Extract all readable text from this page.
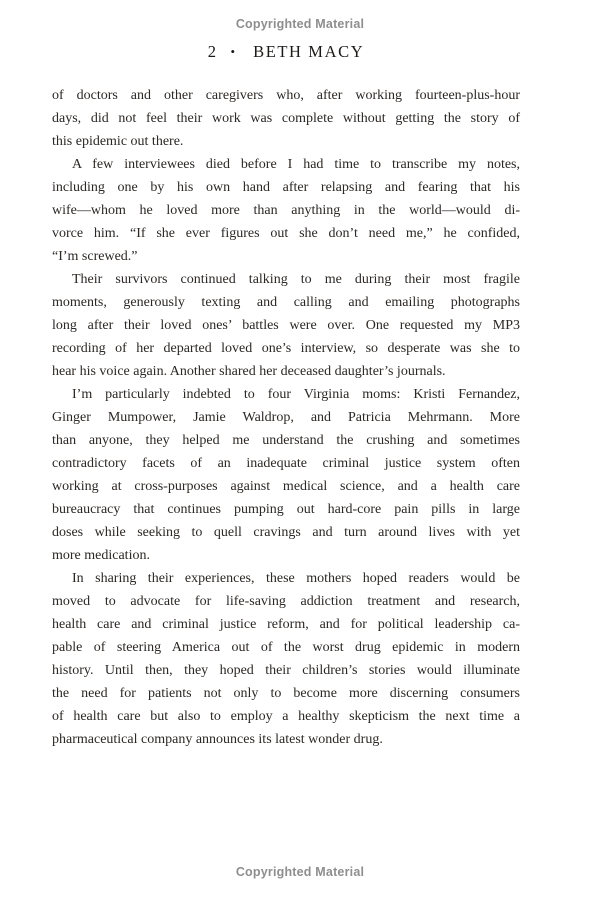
Copyrighted Material
2 • BETH MACY
of doctors and other caregivers who, after working fourteen-plus-hour
days, did not feel their work was complete without getting the story of
this epidemic out there.
A few interviewees died before I had time to transcribe my notes,
including one by his own hand after relapsing and fearing that his
wife—whom he loved more than anything in the world—would di-
vorce him. “If she ever figures out she don’t need me,” he confided,
“I’m screwed.”
Their survivors continued talking to me during their most fragile
moments, generously texting and calling and emailing photographs
long after their loved ones’ battles were over. One requested my MP3
recording of her departed loved one’s interview, so desperate was she to
hear his voice again. Another shared her deceased daughter’s journals.
I’m particularly indebted to four Virginia moms: Kristi Fernandez,
Ginger Mumpower, Jamie Waldrop, and Patricia Mehrmann. More
than anyone, they helped me understand the crushing and sometimes
contradictory facets of an inadequate criminal justice system often
working at cross-purposes against medical science, and a health care
bureaucracy that continues pumping out hard-core pain pills in large
doses while seeking to quell cravings and turn around lives with yet
more medication.
In sharing their experiences, these mothers hoped readers would be
moved to advocate for life-saving addiction treatment and research,
health care and criminal justice reform, and for political leadership ca-
pable of steering America out of the worst drug epidemic in modern
history. Until then, they hoped their children’s stories would illuminate
the need for patients not only to become more discerning consumers
of health care but also to employ a healthy skepticism the next time a
pharmaceutical company announces its latest wonder drug.
Copyrighted Material
